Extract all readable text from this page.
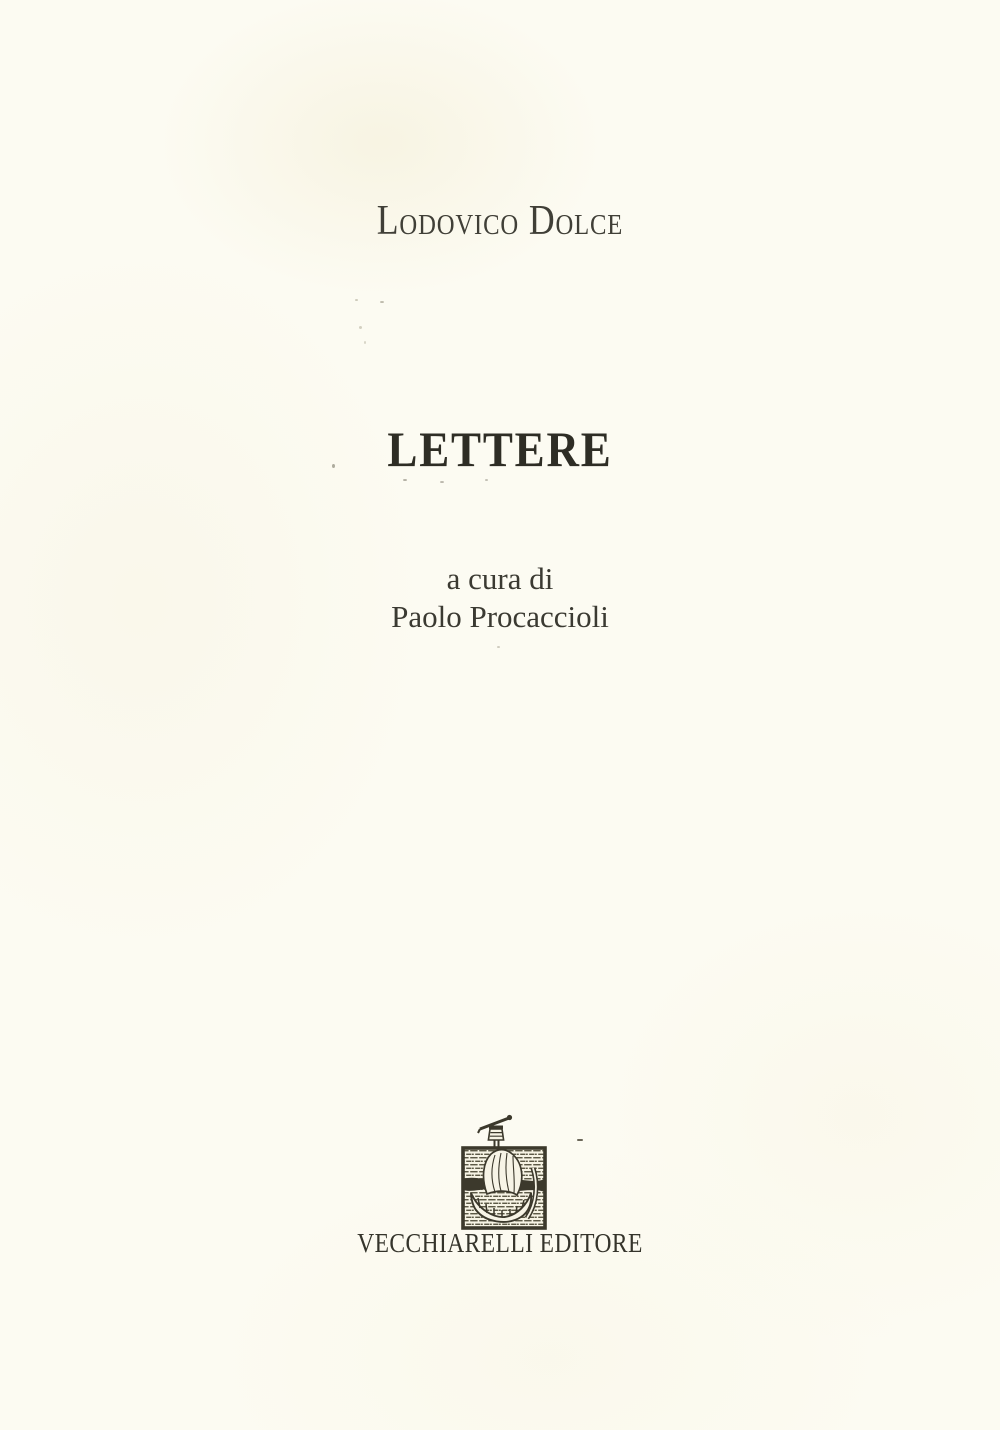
Lodovico Dolce
LETTERE
a cura di
Paolo Procaccioli
VECCHIARELLI EDITORE
